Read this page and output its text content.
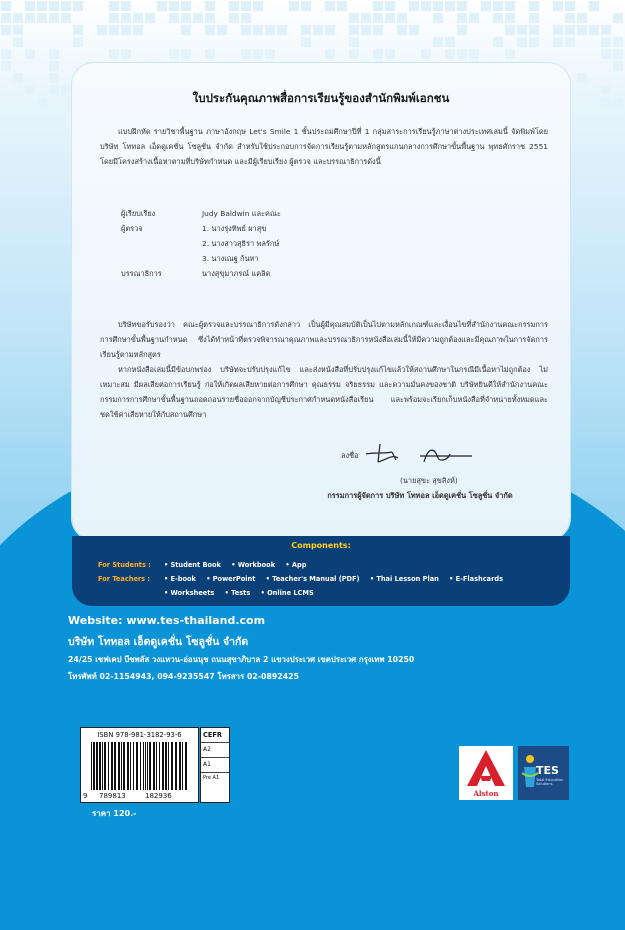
ใบประกันคุณภาพสื่อการเรียนรู้ของสำนักพิมพ์เอกชน
แบบฝึกหัด รายวิชาพื้นฐาน ภาษาอังกฤษ Let's Smile 1 ชั้นประถมศึกษาปีที่ 1 กลุ่มสาระการเรียนรู้ภาษาต่างประเทศเล่มนี้ จัดพิมพ์โดย บริษัท โททอล เอ็ดดูเคชั่น โซลูชั่น จำกัด สำหรับใช้ประกอบการจัดการเรียนรู้ตามหลักสูตรแกนกลางการศึกษาขั้นพื้นฐาน พุทธศักราช 2551 โดยมีโครงสร้างเนื้อหาตามที่บริษัทกำหนด และมีผู้เรียบเรียง ผู้ตรวจ และบรรณาธิการดังนี้
ผู้เรียบเรียง	Judy Baldwin และคณะ
ผู้ตรวจ	1. นางรุ่งทิพย์ ผาสุข
2. นางสาวสุธิรา พลรักษ์
3. นางเณฐ ก้นหา
บรรณาธิการ	นางสุขุมาภรณ์ แคลิด
บริษัทขอรับรองว่า คณะผู้ตรวจและบรรณาธิการดังกล่าว เป็นผู้มีคุณสมบัติเป็นไปตามหลักเกณฑ์และเงื่อนไขที่สำนักงานคณะกรรมการการศึกษาขั้นพื้นฐานกำหนด ซึ่งได้ทำหน้าที่ตรวจพิจารณาคุณภาพและบรรณาธิการหนังสือเล่มนี้ให้มีความถูกต้องและมีคุณภาพในการจัดการเรียนรู้ตามหลักสูตร
หากหนังสือเล่มนี้มีข้อบกพร่อง บริษัทจะปรับปรุงแก้ไข และส่งหนังสือที่ปรับปรุงแก้ไขแล้วให้สถานศึกษาในกรณีมีเนื้อหาไม่ถูกต้อง ไม่เหมาะสม มีผลเสียต่อการเรียนรู้ ก่อให้เกิดผลเสียหายต่อการศึกษา คุณธรรม จริยธรรม และความมั่นคงของชาติ บริษัทยินดีให้สำนักงานคณะกรรมการการศึกษาขั้นพื้นฐานถอดถอนรายชื่อออกจากบัญชีประกาศกำหนดหนังสือเรียน และพร้อมจะเรียกเก็บหนังสือที่จำหน่ายทั้งหมดและชดใช้ค่าเสียหายให้กับสถานศึกษา
ลงชื่อ
(นายสุขะ สุขสิงห์)
กรรมการผู้จัดการ บริษัท โททอล เอ็ดดูเคชั่น โซลูชั่น จำกัด
Components:
For Students : • Student Book • Workbook • App
For Teachers : • E-book • PowerPoint • Teacher's Manual (PDF) • Thai Lesson Plan • E-Flashcards
• Worksheets • Tests • Online LCMS
Website: www.tes-thailand.com
บริษัท โททอล เอ็ดดูเคชั่น โซลูชั่น จำกัด
24/25 เซฟเคป บีซพลัส วงแหวน-อ่อนนุช ถนนสุขาภิบาล 2 แขวงประเวศ เขตประเวศ กรุงเทพ 10250
โทรศัพท์ 02-1154943, 094-9235547 โทรสาร 02-0892425
ISBN 978-981-3182-93-6
9 789813	182936
CEFR
A2
A1
Pre A1
ราคา 120.-
Alston
TES
Total Education Solutions
